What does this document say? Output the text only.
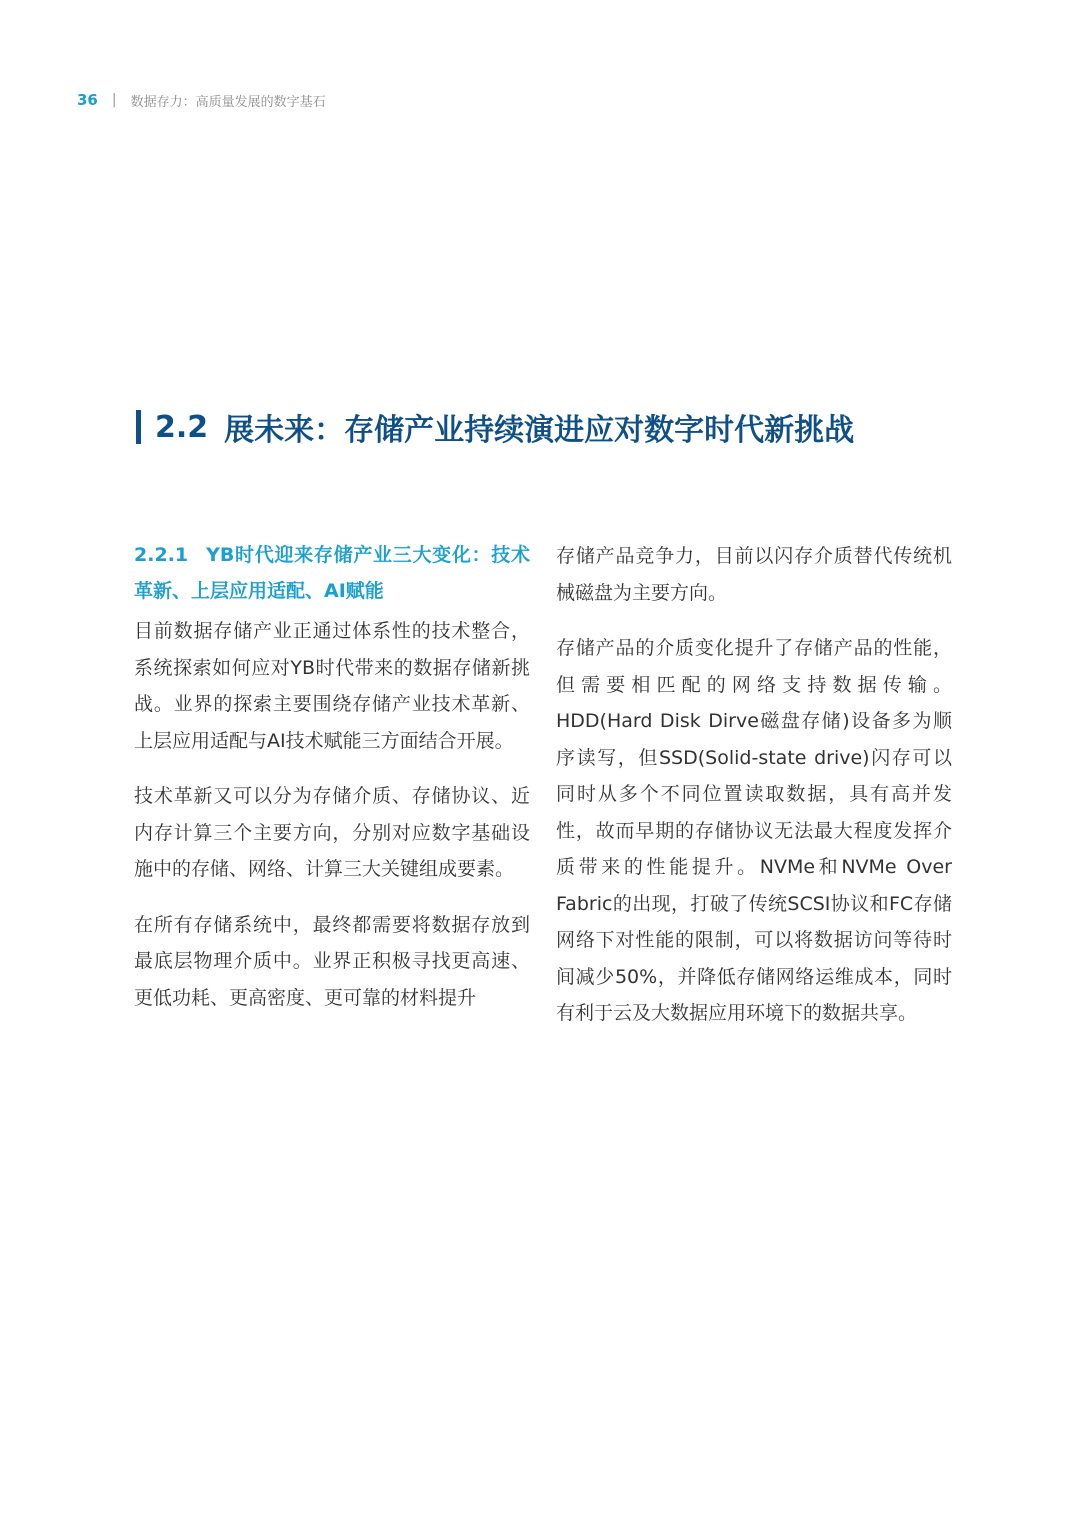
36 | 数据存力：高质量发展的数字基石
2.2 展未来：存储产业持续演进应对数字时代新挑战

2.2.1 YB时代迎来存储产业三大变化：技术革新、上层应用适配、AI赋能

目前数据存储产业正通过体系性的技术整合，系统探索如何应对YB时代带来的数据存储新挑战。业界的探索主要围绕存储产业技术革新、上层应用适配与AI技术赋能三方面结合开展。

技术革新又可以分为存储介质、存储协议、近内存计算三个主要方向，分别对应数字基础设施中的存储、网络、计算三大关键组成要素。

在所有存储系统中，最终都需要将数据存放到最底层物理介质中。业界正积极寻找更高速、更低功耗、更高密度、更可靠的材料提升

存储产品竞争力，目前以闪存介质替代传统机械磁盘为主要方向。

存储产品的介质变化提升了存储产品的性能，但需要相匹配的网络支持数据传输。HDD(Hard Disk Dirve磁盘存储)设备多为顺序读写，但SSD(Solid-state drive)闪存可以同时从多个不同位置读取数据，具有高并发性，故而早期的存储协议无法最大程度发挥介质带来的性能提升。NVMe和NVMe Over Fabric的出现，打破了传统SCSI协议和FC存储网络下对性能的限制，可以将数据访问等待时间减少50%，并降低存储网络运维成本，同时有利于云及大数据应用环境下的数据共享。
